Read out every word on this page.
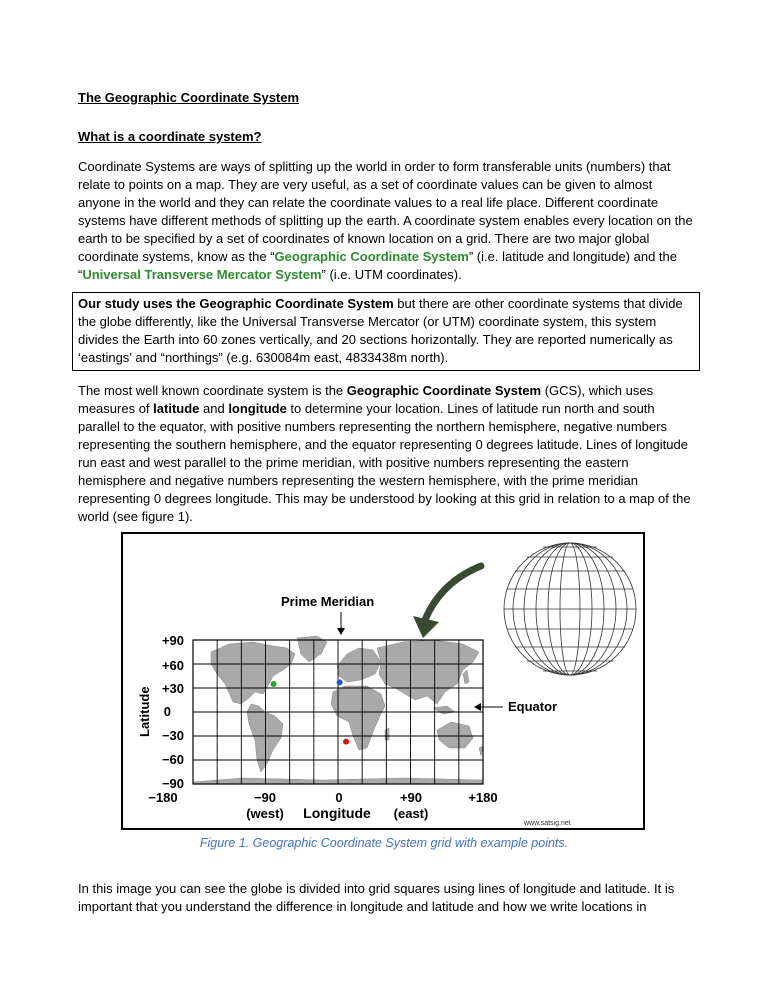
The Geographic Coordinate System
What is a coordinate system?
Coordinate Systems are ways of splitting up the world in order to form transferable units (numbers) that relate to points on a map. They are very useful, as a set of coordinate values can be given to almost anyone in the world and they can relate the coordinate values to a real life place. Different coordinate systems have different methods of splitting up the earth. A coordinate system enables every location on the earth to be specified by a set of coordinates of known location on a grid. There are two major global coordinate systems, know as the “Geographic Coordinate System” (i.e. latitude and longitude) and the “Universal Transverse Mercator System” (i.e. UTM coordinates).
Our study uses the Geographic Coordinate System but there are other coordinate systems that divide the globe differently, like the Universal Transverse Mercator (or UTM) coordinate system, this system divides the Earth into 60 zones vertically, and 20 sections horizontally. They are reported numerically as ‘eastings’ and “northings” (e.g. 630084m east, 4833438m north).
The most well known coordinate system is the Geographic Coordinate System (GCS), which uses measures of latitude and longitude to determine your location. Lines of latitude run north and south parallel to the equator, with positive numbers representing the northern hemisphere, negative numbers representing the southern hemisphere, and the equator representing 0 degrees latitude. Lines of longitude run east and west parallel to the prime meridian, with positive numbers representing the eastern hemisphere and negative numbers representing the western hemisphere, with the prime meridian representing 0 degrees longitude. This may be understood by looking at this grid in relation to a map of the world (see figure 1).
In this image you can see the globe is divided into grid squares using lines of longitude and latitude. It is important that you understand the difference in longitude and latitude and how we write locations in
Prime Meridian
Equator
Latitude
+90
+60
+30
0
−30
−60
−90
−180	−90	0	+90	+180
(west) Longitude (east)
www.satsig.net
Figure 1. Geographic Coordinate System grid with example points.
